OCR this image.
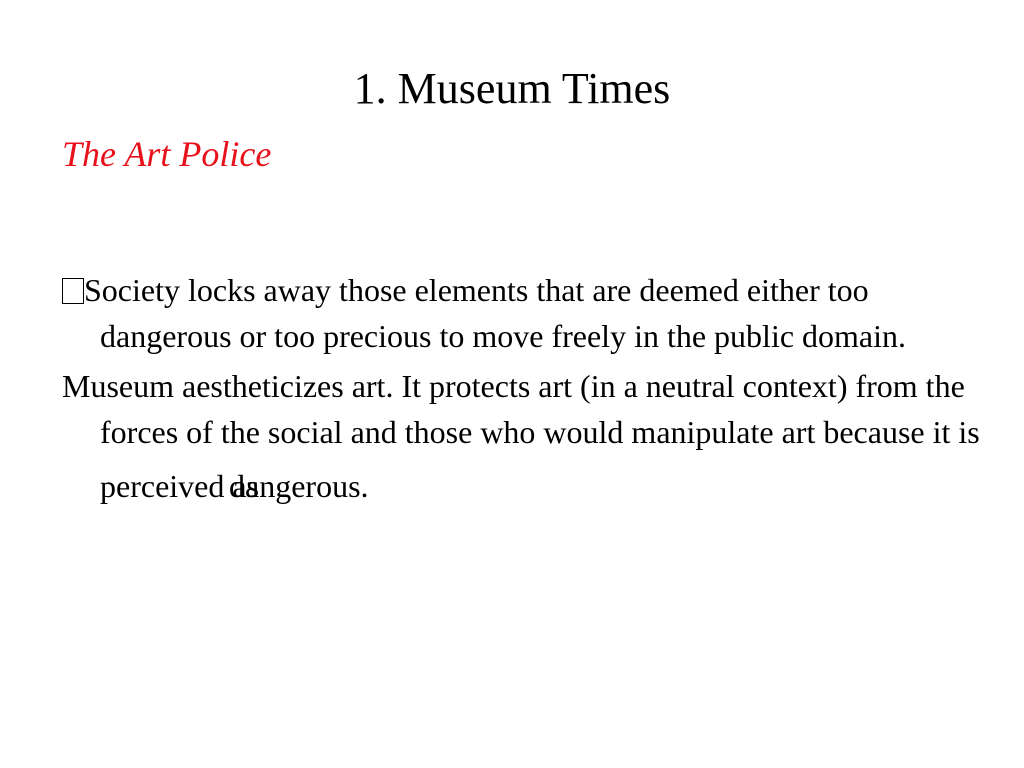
1. Museum Times

The Art Police

Society locks away those elements that are deemed either too dangerous or too precious to move freely in the public domain.

Museum aestheticizes art. It protects art (in a neutral context) from the forces of the social and those who would manipulate art because it is perceived as dangerous.
